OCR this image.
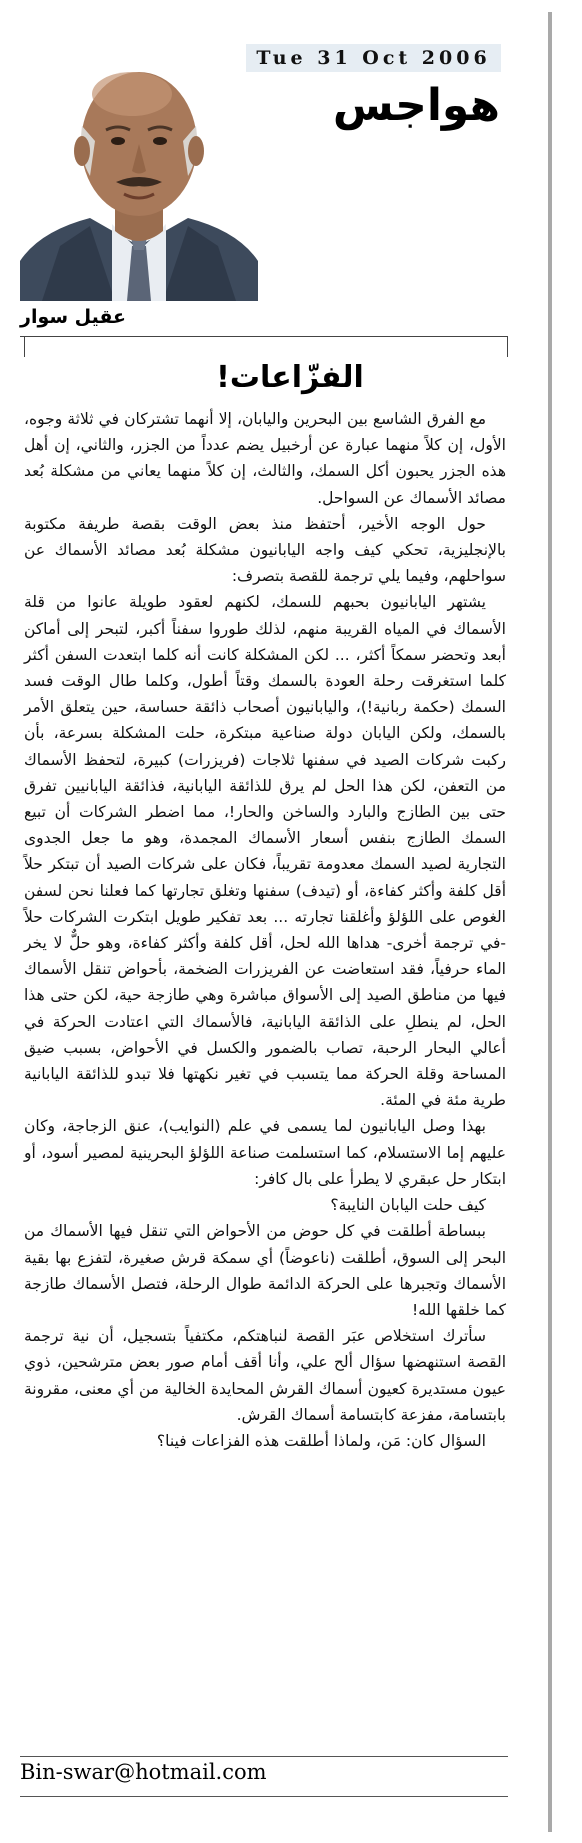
Tue 31 Oct 2006
هواجس
عقيل سوار
الفزّاعات!

مع الفرق الشاسع بين البحرين واليابان، إلا أنهما تشتركان في ثلاثة وجوه، الأول، إن كلاً منهما عبارة عن أرخبيل يضم عدداً من الجزر، والثاني، إن أهل هذه الجزر يحبون أكل السمك، والثالث، إن كلاً منهما يعاني من مشكلة بُعد مصائد الأسماك عن السواحل.

حول الوجه الأخير، أحتفظ منذ بعض الوقت بقصة طريفة مكتوبة بالإنجليزية، تحكي كيف واجه اليابانيون مشكلة بُعد مصائد الأسماك عن سواحلهم، وفيما يلي ترجمة للقصة بتصرف:

يشتهر اليابانيون بحبهم للسمك، لكنهم لعقود طويلة عانوا من قلة الأسماك في المياه القريبة منهم، لذلك طوروا سفناً أكبر، لتبحر إلى أماكن أبعد وتحضر سمكاً أكثر، ... لكن المشكلة كانت أنه كلما ابتعدت السفن أكثر كلما استغرقت رحلة العودة بالسمك وقتاً أطول، وكلما طال الوقت فسد السمك (حكمة ربانية!)، واليابانيون أصحاب ذائقة حساسة، حين يتعلق الأمر بالسمك، ولكن اليابان دولة صناعية مبتكرة، حلت المشكلة بسرعة، بأن ركبت شركات الصيد في سفنها ثلاجات (فريزرات) كبيرة، لتحفظ الأسماك من التعفن، لكن هذا الحل لم يرق للذائقة اليابانية، فذائقة اليابانيين تفرق حتى بين الطازج والبارد والساخن والحار!، مما اضطر الشركات أن تبيع السمك الطازج بنفس أسعار الأسماك المجمدة، وهو ما جعل الجدوى التجارية لصيد السمك معدومة تقريباً، فكان على شركات الصيد أن تبتكر حلاً أقل كلفة وأكثر كفاءة، أو (تيدف) سفنها وتغلق تجارتها كما فعلنا نحن لسفن الغوص على اللؤلؤ وأغلقنا تجارته ... بعد تفكير طويل ابتكرت الشركات حلاً -في ترجمة أخرى- هداها الله لحل، أقل كلفة وأكثر كفاءة، وهو حلٌّ لا يخر الماء حرفياً، فقد استعاضت عن الفريزرات الضخمة، بأحواض تنقل الأسماك فيها من مناطق الصيد إلى الأسواق مباشرة وهي طازجة حية، لكن حتى هذا الحل، لم ينطلِ على الذائقة اليابانية، فالأسماك التي اعتادت الحركة في أعالي البحار الرحبة، تصاب بالضمور والكسل في الأحواض، بسبب ضيق المساحة وقلة الحركة مما يتسبب في تغير نكهتها فلا تبدو للذائقة اليابانية طرية مئة في المئة.

بهذا وصل اليابانيون لما يسمى في علم (النوايب)، عنق الزجاجة، وكان عليهم إما الاستسلام، كما استسلمت صناعة اللؤلؤ البحرينية لمصير أسود، أو ابتكار حل عبقري لا يطرأ على بال كافر:

كيف حلت اليابان النايبة؟

ببساطة أطلقت في كل حوض من الأحواض التي تنقل فيها الأسماك من البحر إلى السوق، أطلقت (ناعوضاً) أي سمكة قرش صغيرة، لتفزع بها بقية الأسماك وتجبرها على الحركة الدائمة طوال الرحلة، فتصل الأسماك طازجة كما خلقها الله!

سأترك استخلاص عبَر القصة لنباهتكم، مكتفياً بتسجيل، أن نية ترجمة القصة استنهضها سؤال ألح علي، وأنا أقف أمام صور بعض مترشحين، ذوي عيون مستديرة كعيون أسماك القرش المحايدة الخالية من أي معنى، مقرونة بابتسامة، مفزعة كابتسامة أسماك القرش.

السؤال كان: مَن، ولماذا أطلقت هذه الفزاعات فينا؟

Bin-swar@hotmail.com
